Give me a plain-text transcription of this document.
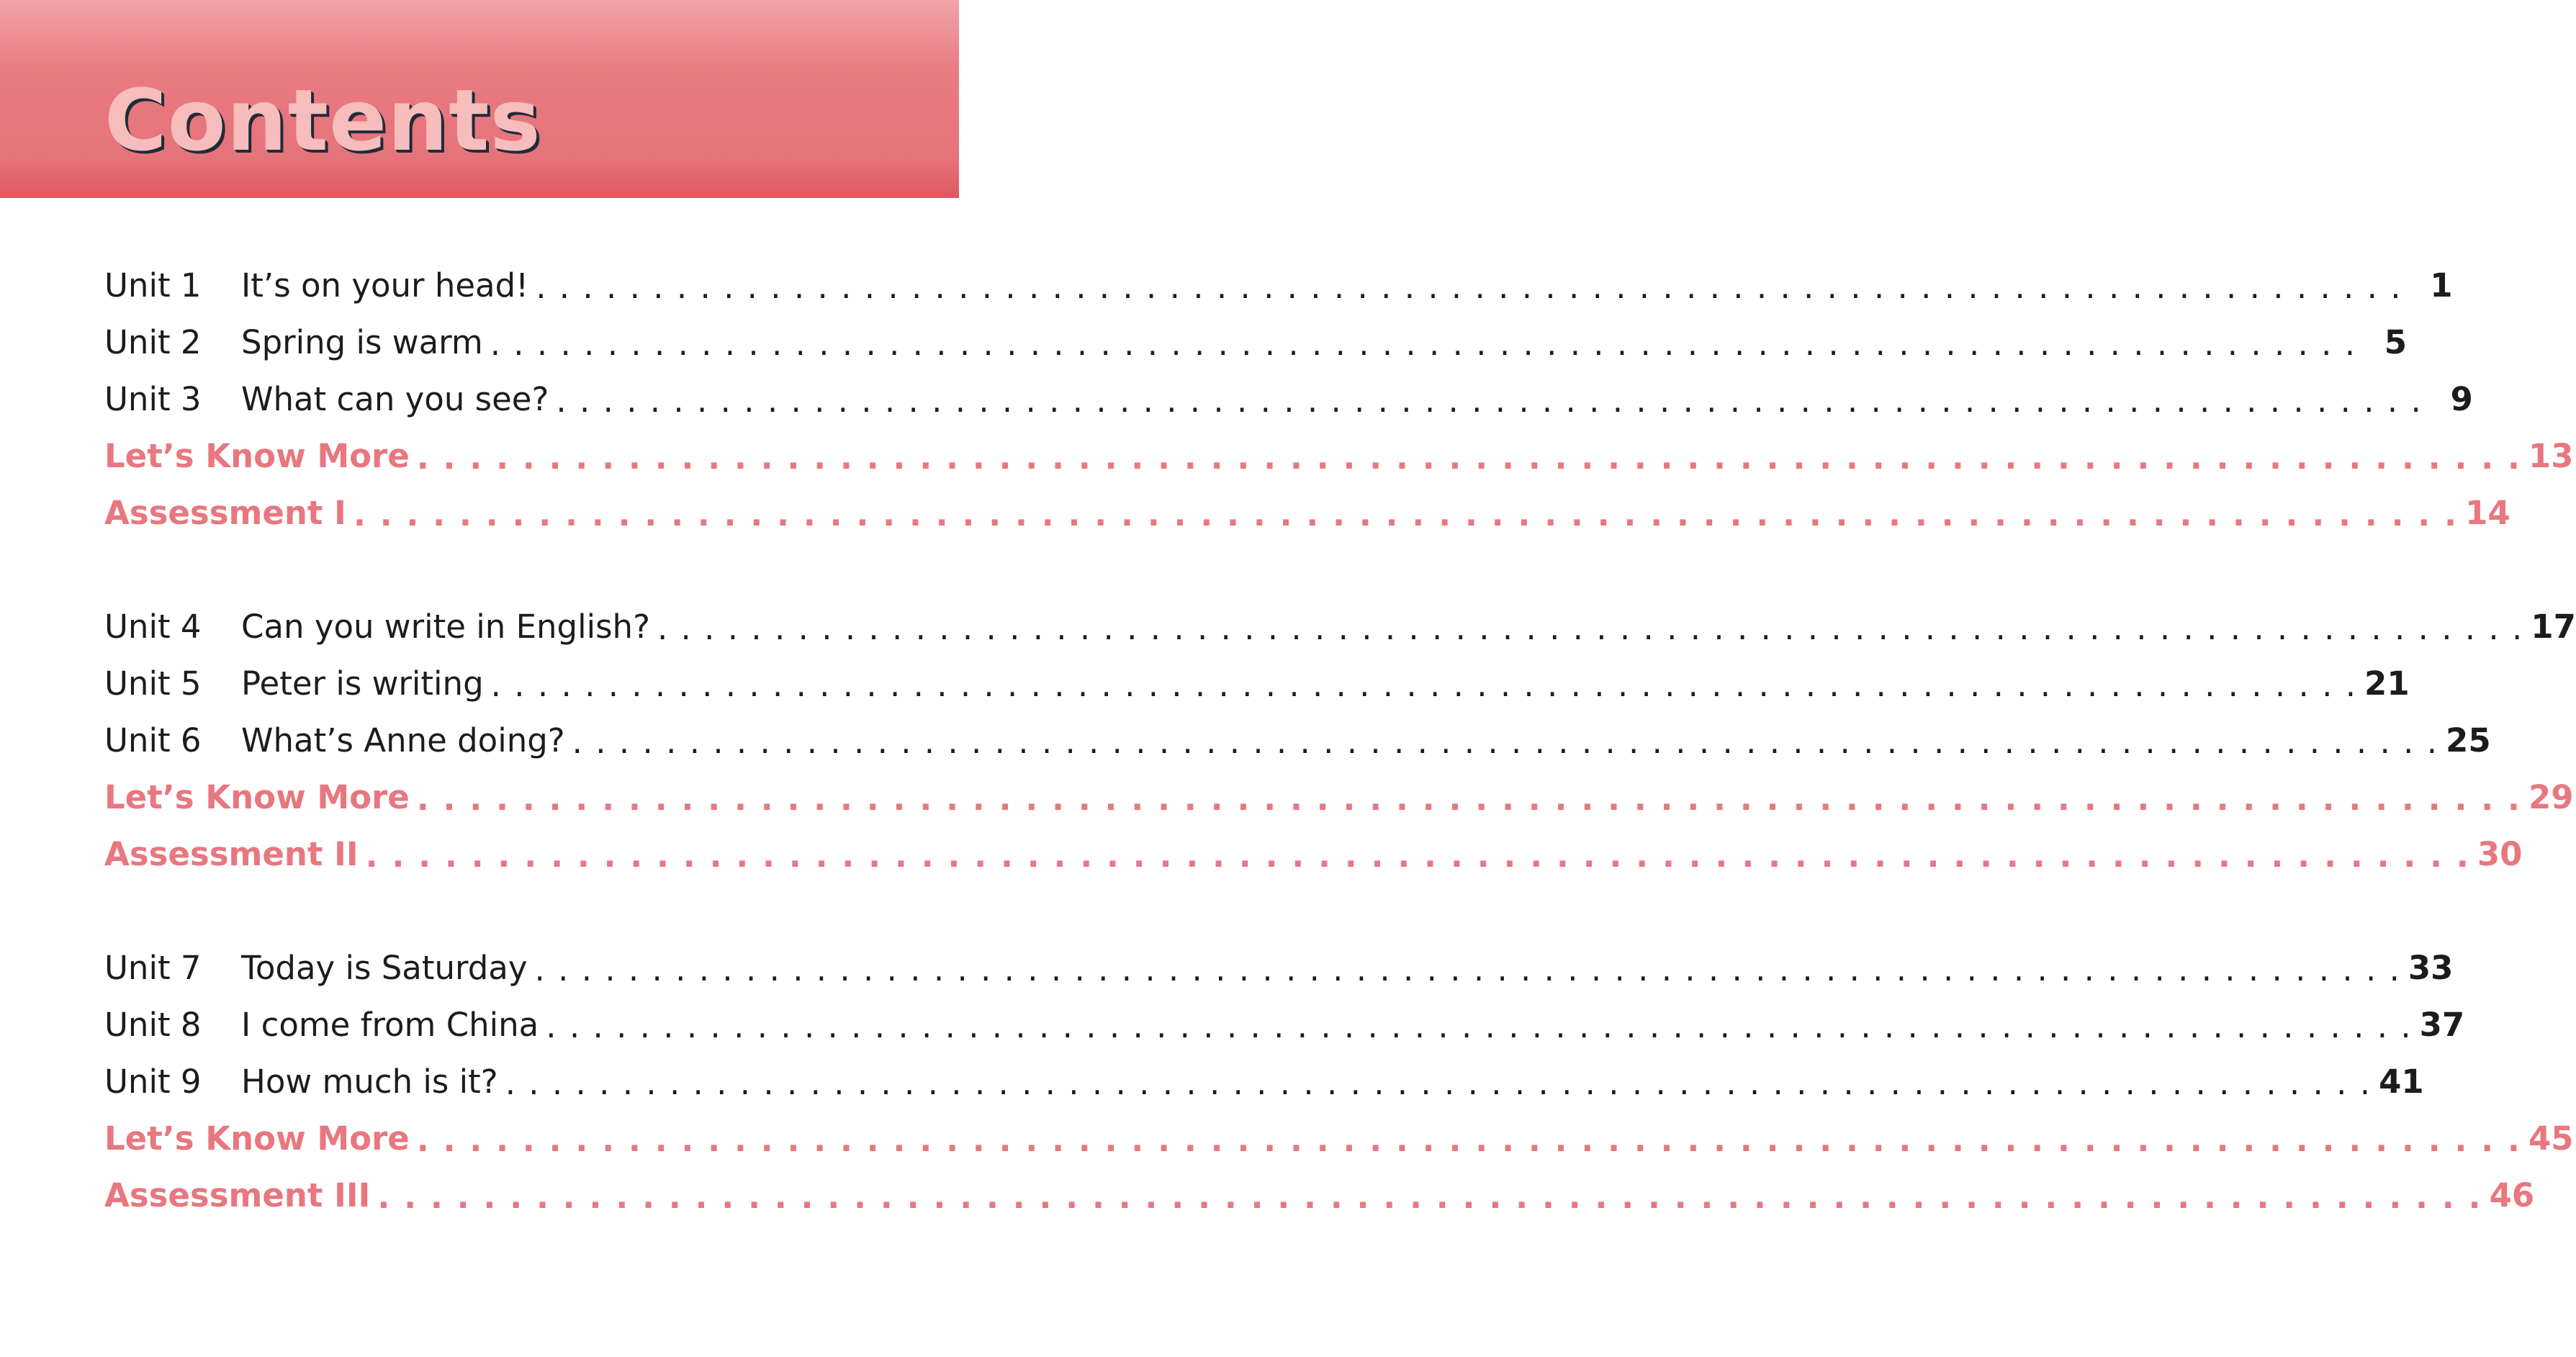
Contents
Unit 1	It’s on your head! . . . . . . . . . . . . . . . . . . . . . . . . . . . . . . . . . . . . . . . . . . . . . . . . . . . . . . . . . . . . . . . . . . . . . . . . . . . . . . . . 1
Unit 2	Spring is warm . . . . . . . . . . . . . . . . . . . . . . . . . . . . . . . . . . . . . . . . . . . . . . . . . . . . . . . . . . . . . . . . . . . . . . . . . . . . . . . . 5
Unit 3	What can you see? . . . . . . . . . . . . . . . . . . . . . . . . . . . . . . . . . . . . . . . . . . . . . . . . . . . . . . . . . . . . . . . . . . . . . . . . . . . . . . . . 9
Let’s Know More . . . . . . . . . . . . . . . . . . . . . . . . . . . . . . . . . . . . . . . . . . . . . . . . . . . . . . . . . . . . . . . . . . . . . . . . . . . . . . . . 13
Assessment I . . . . . . . . . . . . . . . . . . . . . . . . . . . . . . . . . . . . . . . . . . . . . . . . . . . . . . . . . . . . . . . . . . . . . . . . . . . . . . . . 14
Unit 4	Can you write in English? . . . . . . . . . . . . . . . . . . . . . . . . . . . . . . . . . . . . . . . . . . . . . . . . . . . . . . . . . . . . . . . . . . . . . . . . . . . . . . . . 17
Unit 5	Peter is writing . . . . . . . . . . . . . . . . . . . . . . . . . . . . . . . . . . . . . . . . . . . . . . . . . . . . . . . . . . . . . . . . . . . . . . . . . . . . . . . . 21
Unit 6	What’s Anne doing? . . . . . . . . . . . . . . . . . . . . . . . . . . . . . . . . . . . . . . . . . . . . . . . . . . . . . . . . . . . . . . . . . . . . . . . . . . . . . . . . 25
Let’s Know More . . . . . . . . . . . . . . . . . . . . . . . . . . . . . . . . . . . . . . . . . . . . . . . . . . . . . . . . . . . . . . . . . . . . . . . . . . . . . . . . 29
Assessment II . . . . . . . . . . . . . . . . . . . . . . . . . . . . . . . . . . . . . . . . . . . . . . . . . . . . . . . . . . . . . . . . . . . . . . . . . . . . . . . . 30
Unit 7	Today is Saturday . . . . . . . . . . . . . . . . . . . . . . . . . . . . . . . . . . . . . . . . . . . . . . . . . . . . . . . . . . . . . . . . . . . . . . . . . . . . . . . . 33
Unit 8	I come from China . . . . . . . . . . . . . . . . . . . . . . . . . . . . . . . . . . . . . . . . . . . . . . . . . . . . . . . . . . . . . . . . . . . . . . . . . . . . . . . . 37
Unit 9	How much is it? . . . . . . . . . . . . . . . . . . . . . . . . . . . . . . . . . . . . . . . . . . . . . . . . . . . . . . . . . . . . . . . . . . . . . . . . . . . . . . . . 41
Let’s Know More . . . . . . . . . . . . . . . . . . . . . . . . . . . . . . . . . . . . . . . . . . . . . . . . . . . . . . . . . . . . . . . . . . . . . . . . . . . . . . . . 45
Assessment III . . . . . . . . . . . . . . . . . . . . . . . . . . . . . . . . . . . . . . . . . . . . . . . . . . . . . . . . . . . . . . . . . . . . . . . . . . . . . . . . 46
